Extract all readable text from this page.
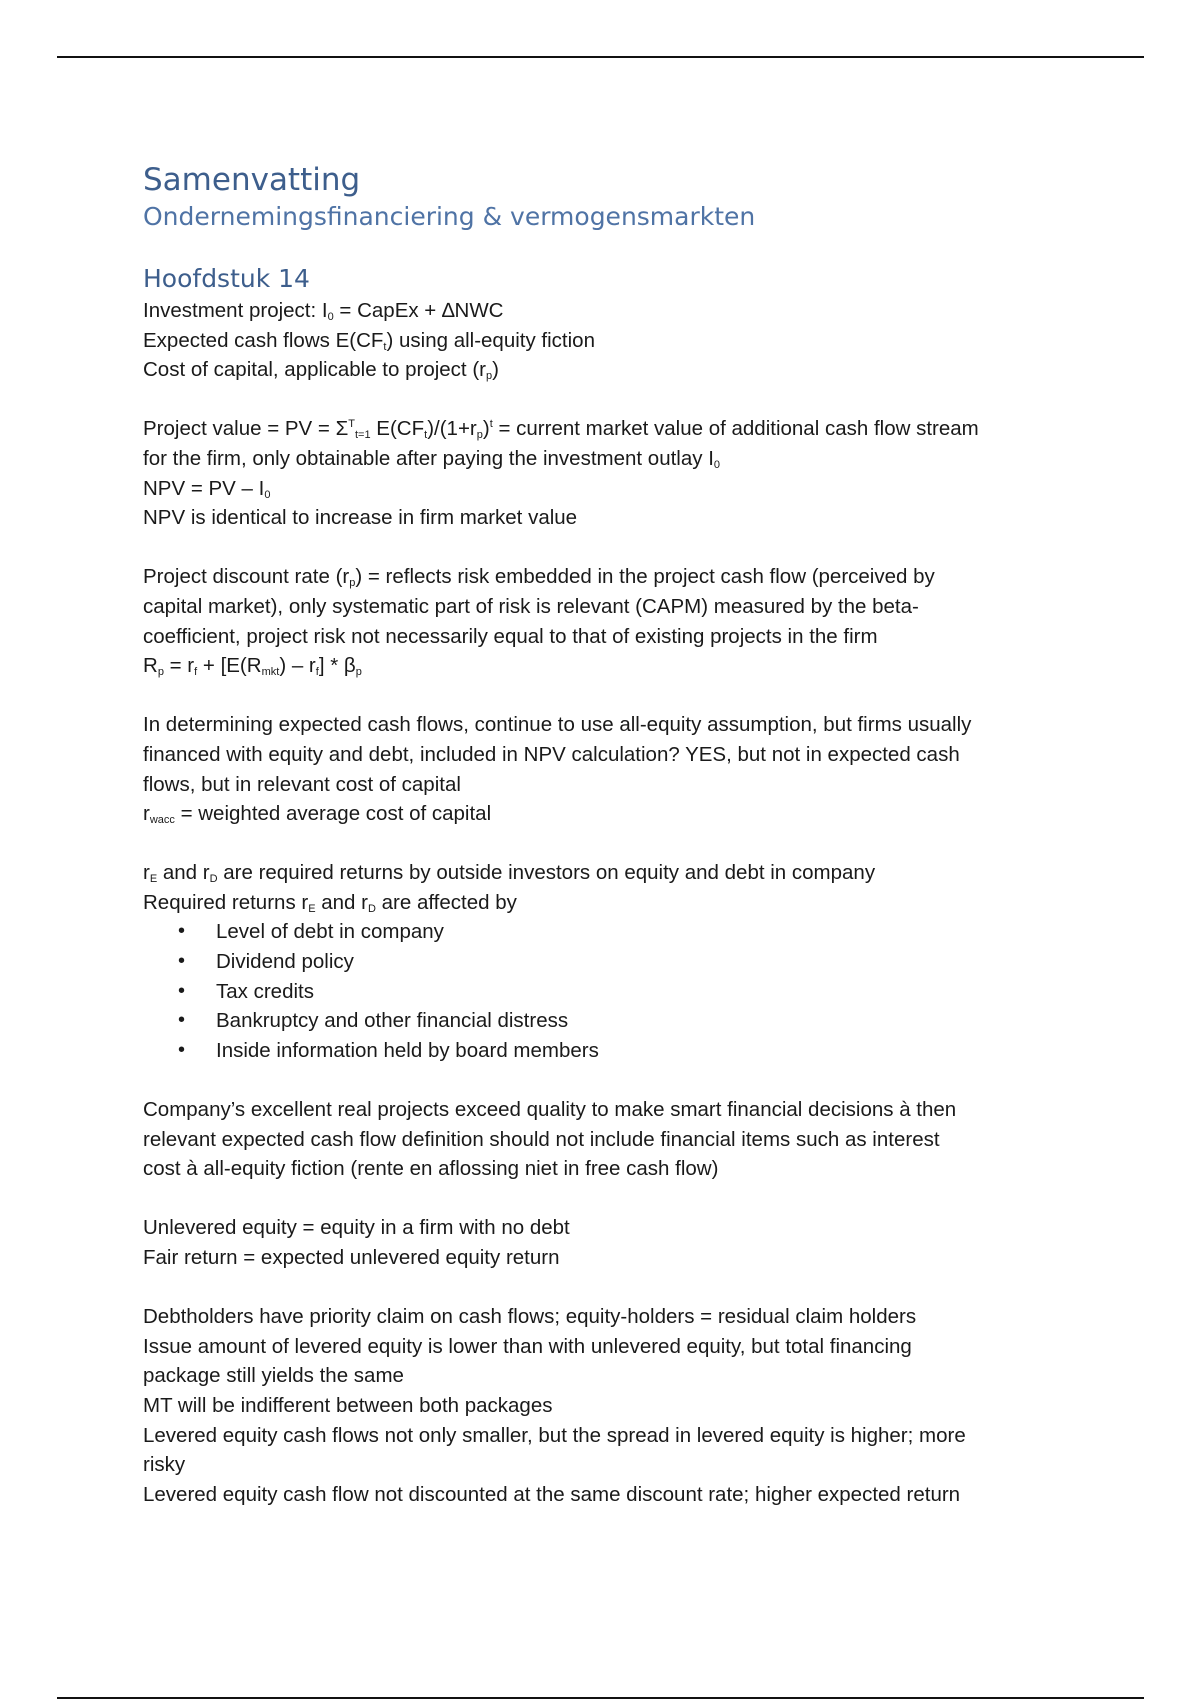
Samenvatting
Ondernemingsfinanciering & vermogensmarkten
Hoofdstuk 14
Investment project: $I_0$ = CapEx + ∆NWC
Expected cash flows $E(CF_t)$ using all-equity fiction
Cost of capital, applicable to project $(r_p)$
Project value = PV = $\Sigma^T_{t=1}$ $E(CF_t)/(1+r_p)^t$ = current market value of additional cash flow stream
for the firm, only obtainable after paying the investment outlay $I_0$
NPV = PV – $I_0$
NPV is identical to increase in firm market value
Project discount rate $(r_p)$ = reflects risk embedded in the project cash flow (perceived by
capital market), only systematic part of risk is relevant (CAPM) measured by the beta-
coefficient, project risk not necessarily equal to that of existing projects in the firm
$R_p = r_f + [E(R_{mkt}) - r_f] * \beta_p$
In determining expected cash flows, continue to use all-equity assumption, but firms usually
financed with equity and debt, included in NPV calculation? YES, but not in expected cash
flows, but in relevant cost of capital
$r_{wacc}$ = weighted average cost of capital
$r_E$ and $r_D$ are required returns by outside investors on equity and debt in company
Required returns $r_E$ and $r_D$ are affected by
• Level of debt in company
• Dividend policy
• Tax credits
• Bankruptcy and other financial distress
• Inside information held by board members
Company’s excellent real projects exceed quality to make smart financial decisions à then
relevant expected cash flow definition should not include financial items such as interest
cost à all-equity fiction (rente en aflossing niet in free cash flow)
Unlevered equity = equity in a firm with no debt
Fair return = expected unlevered equity return
Debtholders have priority claim on cash flows; equity-holders = residual claim holders
Issue amount of levered equity is lower than with unlevered equity, but total financing
package still yields the same
MT will be indifferent between both packages
Levered equity cash flows not only smaller, but the spread in levered equity is higher; more
risky
Levered equity cash flow not discounted at the same discount rate; higher expected return
